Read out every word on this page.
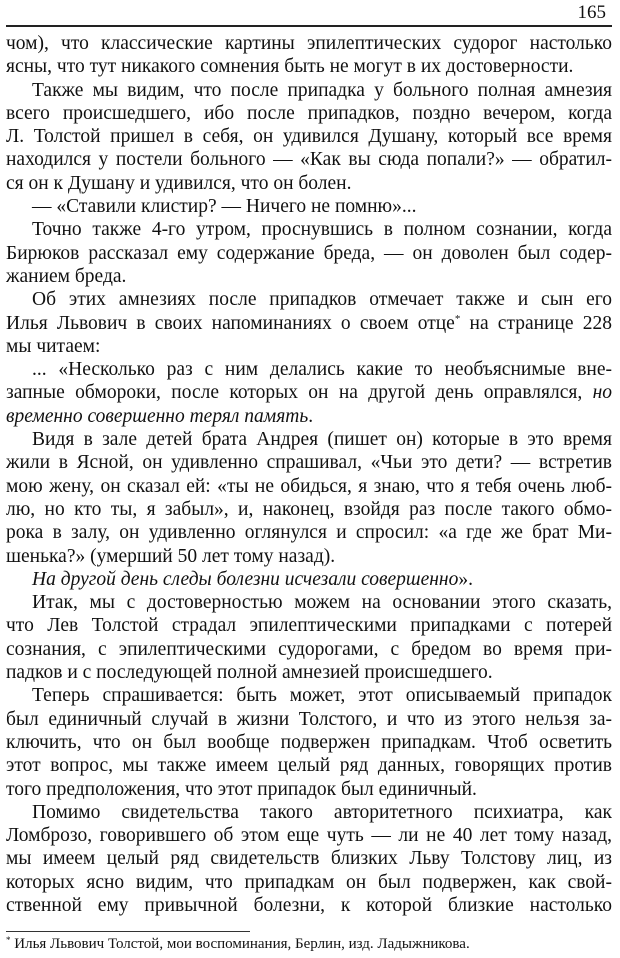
165
чом), что классические картины эпилептических судорог настолько
ясны, что тут никакого сомнения быть не могут в их достоверности.
Также мы видим, что после припадка у больного полная амнезия
всего происшедшего, ибо после припадков, поздно вечером, когда
Л. Толстой пришел в себя, он удивился Душану, который все время
находился у постели больного — «Как вы сюда попали?» — обратил-
ся он к Душану и удивился, что он болен.
— «Ставили клистир? — Ничего не помню»...
Точно также 4-го утром, проснувшись в полном сознании, когда
Бирюков рассказал ему содержание бреда, — он доволен был содер-
жанием бреда.
Об этих амнезиях после припадков отмечает также и сын его
Илья Львович в своих напоминаниях о своем отце* на странице 228
мы читаем:
... «Несколько раз с ним делались какие то необъяснимые вне-
запные обмороки, после которых он на другой день оправлялся, но
временно совершенно терял память.
Видя в зале детей брата Андрея (пишет он) которые в это время
жили в Ясной, он удивленно спрашивал, «Чьи это дети? — встретив
мою жену, он сказал ей: «ты не обидься, я знаю, что я тебя очень люб-
лю, но кто ты, я забыл», и, наконец, взойдя раз после такого обмо-
рока в залу, он удивленно оглянулся и спросил: «а где же брат Ми-
шенька?» (умерший 50 лет тому назад).
На другой день следы болезни исчезали совершенно».
Итак, мы с достоверностью можем на основании этого сказать,
что Лев Толстой страдал эпилептическими припадками с потерей
сознания, с эпилептическими судорогами, с бредом во время при-
падков и с последующей полной амнезией происшедшего.
Теперь спрашивается: быть может, этот описываемый припадок
был единичный случай в жизни Толстого, и что из этого нельзя за-
ключить, что он был вообще подвержен припадкам. Чтоб осветить
этот вопрос, мы также имеем целый ряд данных, говорящих против
того предположения, что этот припадок был единичный.
Помимо свидетельства такого авторитетного психиатра, как
Ломброзо, говорившего об этом еще чуть — ли не 40 лет тому назад,
мы имеем целый ряд свидетельств близких Льву Толстову лиц, из
которых ясно видим, что припадкам он был подвержен, как свой-
ственной ему привычной болезни, к которой близкие настолько
* Илья Львович Толстой, мои воспоминания, Берлин, изд. Ладыжникова.
